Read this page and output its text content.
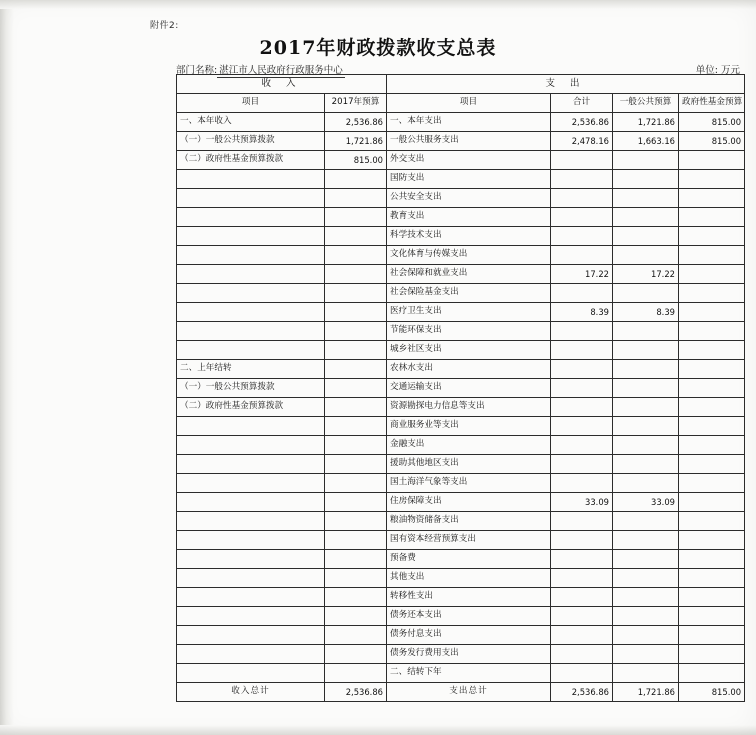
附件2:
2017年财政拨款收支总表
部门名称: 湛江市人民政府行政服务中心	单位: 万元
收 入		支 出			
项目	2017年预算	项目	合计	一般公共预算	政府性基金预算
一、本年收入	2,536.86	一、本年支出	2,536.86	1,721.86	815.00
（一）一般公共预算拨款	1,721.86	一般公共服务支出	2,478.16	1,663.16	815.00
（二）政府性基金预算拨款	815.00	外交支出			
		国防支出			
		公共安全支出			
		教育支出			
		科学技术支出			
		文化体育与传媒支出			
		社会保障和就业支出	17.22	17.22	
		社会保险基金支出			
		医疗卫生支出	8.39	8.39	
		节能环保支出			
		城乡社区支出			
二、上年结转		农林水支出			
（一）一般公共预算拨款		交通运输支出			
（二）政府性基金预算拨款		资源勘探电力信息等支出			
		商业服务业等支出			
		金融支出			
		援助其他地区支出			
		国土海洋气象等支出			
		住房保障支出	33.09	33.09	
		粮油物资储备支出			
		国有资本经营预算支出			
		预备费			
		其他支出			
		转移性支出			
		债务还本支出			
		债务付息支出			
		债务发行费用支出			
		二、结转下年			
收入总计	2,536.86	支出总计	2,536.86	1,721.86	815.00
